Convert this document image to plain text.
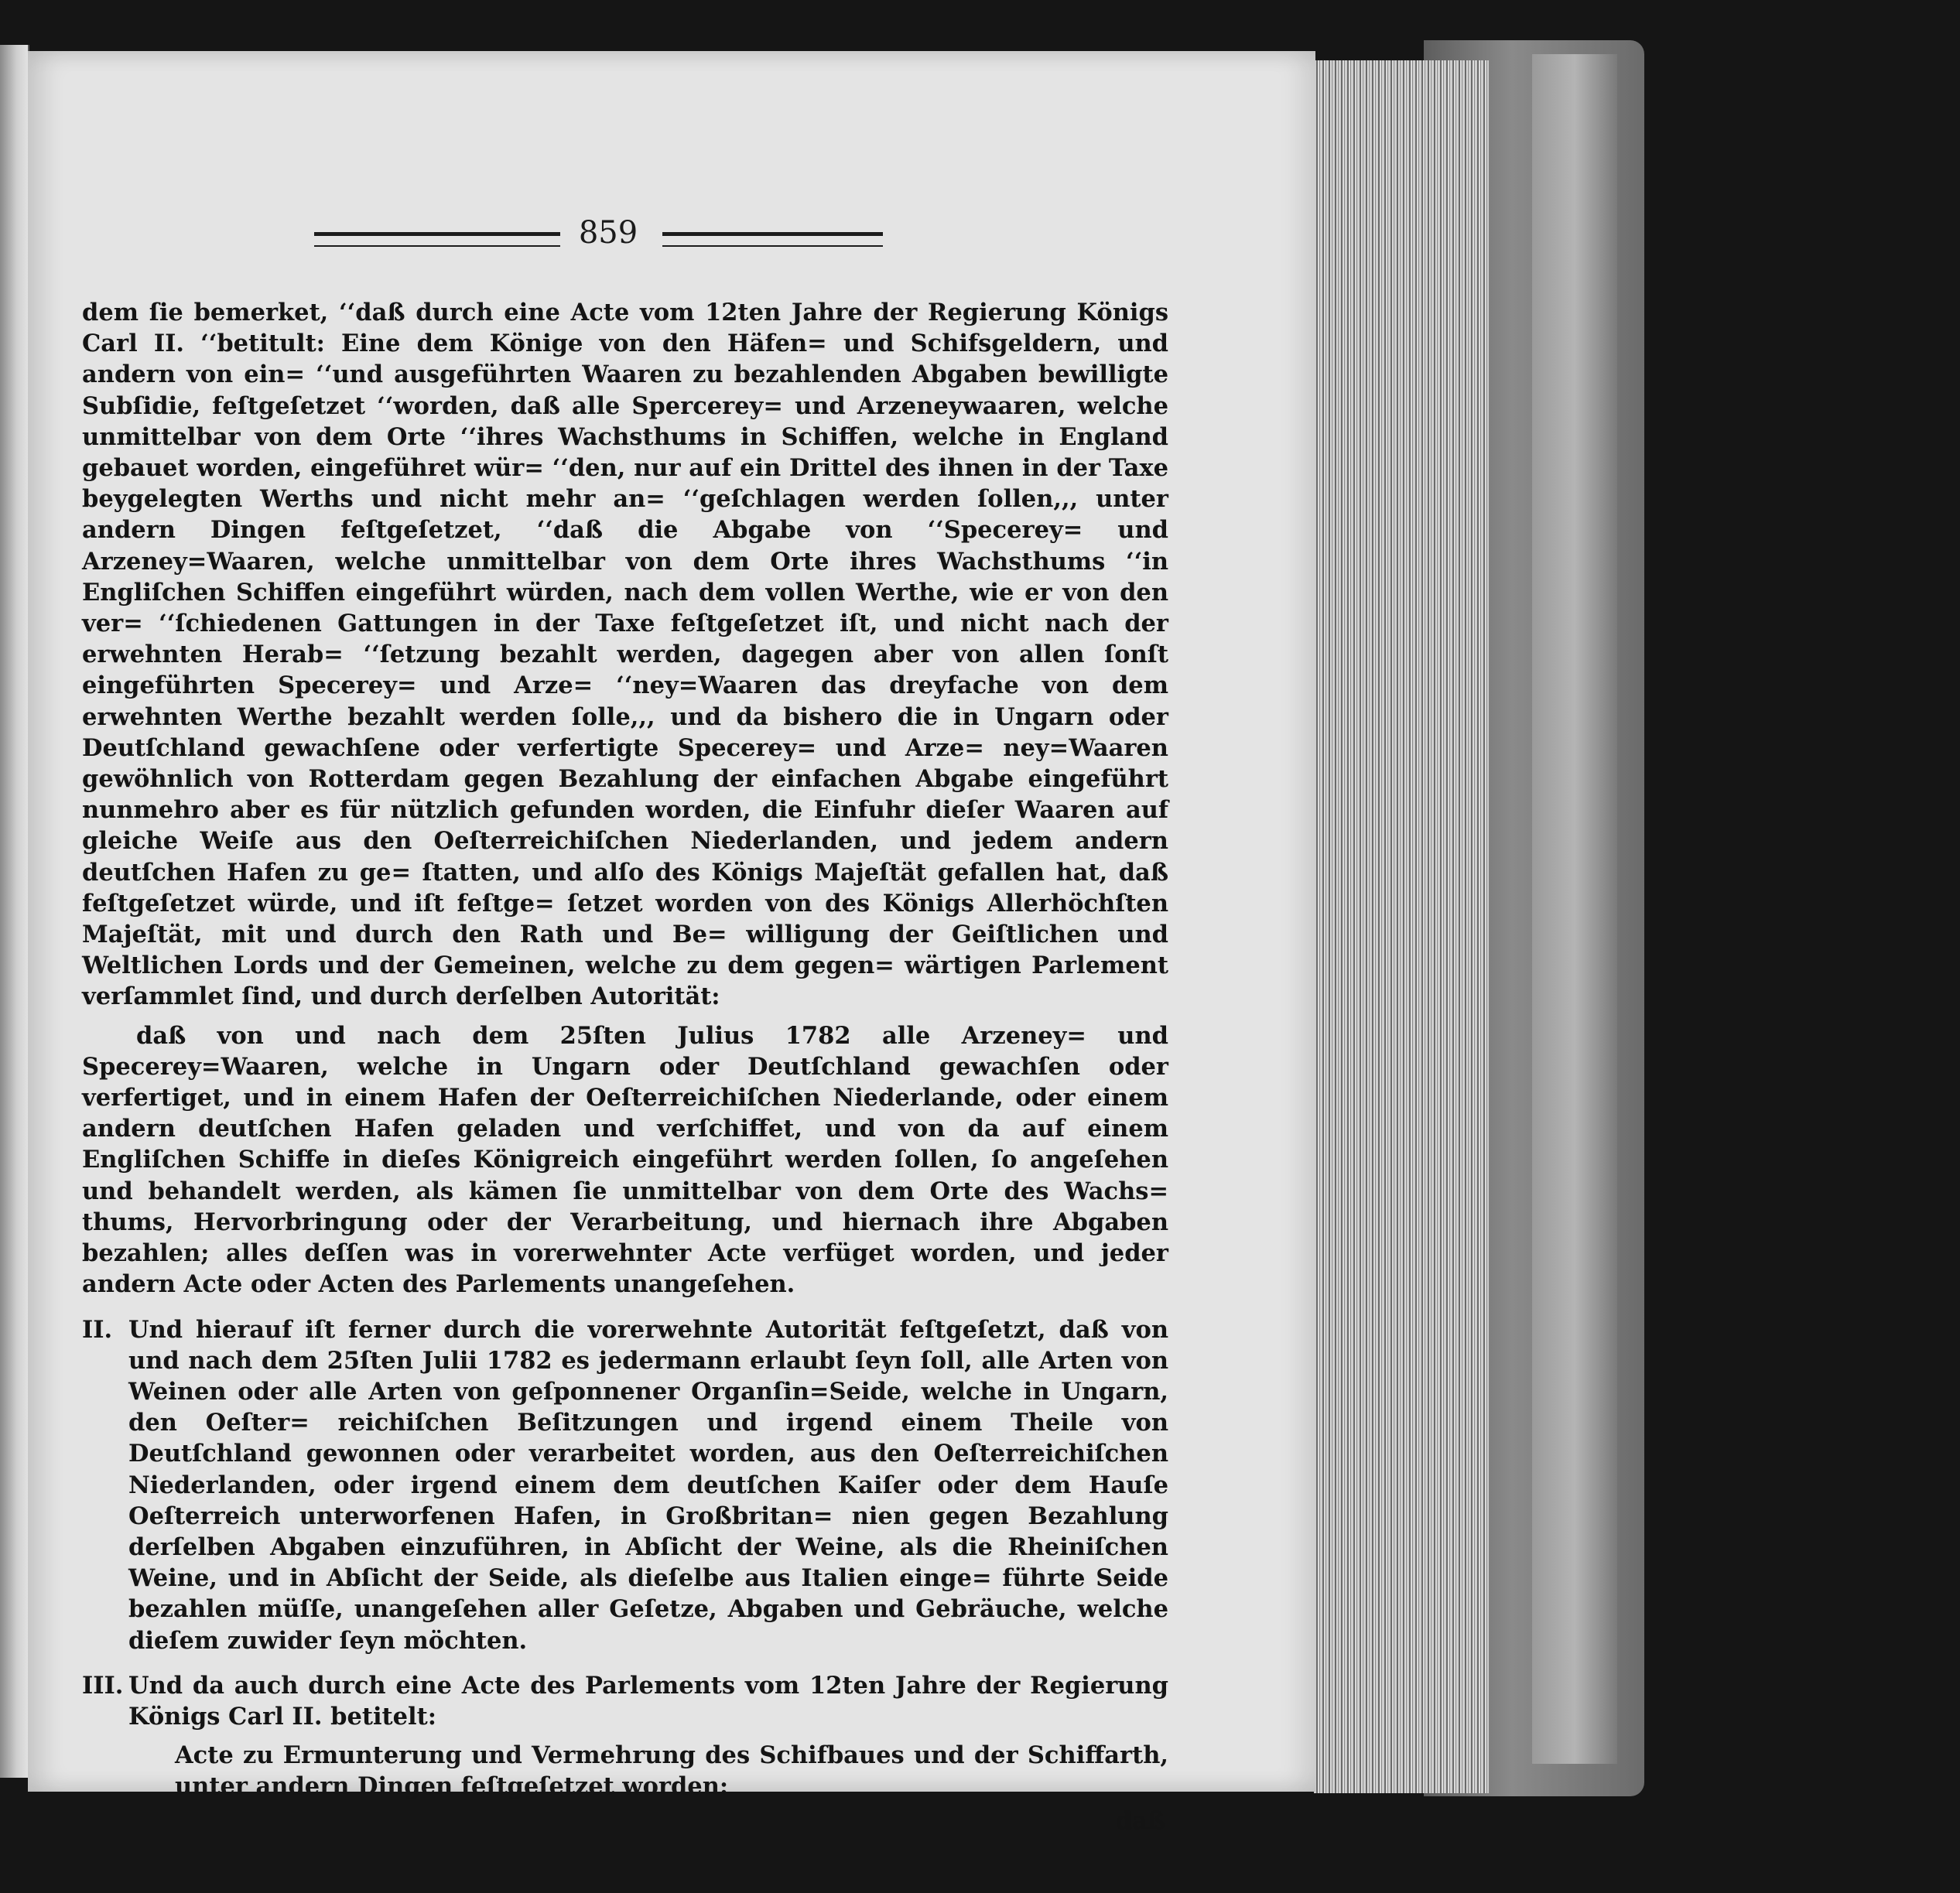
859

dem ſie bemerket, ‘‘daß durch eine Acte vom 12ten Jahre der Regierung Königs Carl II. ‘‘betitult: Eine dem Könige von den Häfen= und Schifsgeldern, und andern von ein= ‘‘und ausgeführten Waaren zu bezahlenden Abgaben bewilligte Subſidie, feſtgeſetzet ‘‘worden, daß alle Spercerey= und Arzeneywaaren, welche unmittelbar von dem Orte ‘‘ihres Wachsthums in Schiffen, welche in England gebauet worden, eingeführet wür= ‘‘den, nur auf ein Drittel des ihnen in der Taxe beygelegten Werths und nicht mehr an= ‘‘geſchlagen werden ſollen,,, unter andern Dingen feſtgeſetzet, ‘‘daß die Abgabe von ‘‘Specerey= und Arzeney=Waaren, welche unmittelbar von dem Orte ihres Wachsthums ‘‘in Engliſchen Schiffen eingeführt würden, nach dem vollen Werthe, wie er von den ver= ‘‘ſchiedenen Gattungen in der Taxe feſtgeſetzet iſt, und nicht nach der erwehnten Herab= ‘‘ſetzung bezahlt werden, dagegen aber von allen ſonſt eingeführten Specerey= und Arze= ‘‘ney=Waaren das dreyfache von dem erwehnten Werthe bezahlt werden ſolle,,, und da bishero die in Ungarn oder Deutſchland gewachſene oder verfertigte Specerey= und Arze= ney=Waaren gewöhnlich von Rotterdam gegen Bezahlung der einfachen Abgabe eingeführt nunmehro aber es für nützlich gefunden worden, die Einfuhr dieſer Waaren auf gleiche Weiſe aus den Oeſterreichiſchen Niederlanden, und jedem andern deutſchen Hafen zu ge= ſtatten, und alſo des Königs Majeſtät gefallen hat, daß feſtgeſetzet würde, und iſt feſtge= ſetzet worden von des Königs Allerhöchſten Majeſtät, mit und durch den Rath und Be= willigung der Geiſtlichen und Weltlichen Lords und der Gemeinen, welche zu dem gegen= wärtigen Parlement verſammlet ſind, und durch derſelben Autorität:

daß von und nach dem 25ſten Julius 1782 alle Arzeney= und Specerey=Waaren, welche in Ungarn oder Deutſchland gewachſen oder verfertiget, und in einem Hafen der Oeſterreichiſchen Niederlande, oder einem andern deutſchen Hafen geladen und verſchiffet, und von da auf einem Engliſchen Schiffe in dieſes Königreich eingeführt werden ſollen, ſo angeſehen und behandelt werden, als kämen ſie unmittelbar von dem Orte des Wachs= thums, Hervorbringung oder der Verarbeitung, und hiernach ihre Abgaben bezahlen; alles deſſen was in vorerwehnter Acte verfüget worden, und jeder andern Acte oder Acten des Parlements unangeſehen.

II. Und hierauf iſt ferner durch die vorerwehnte Autorität feſtgeſetzt, daß von und nach dem 25ſten Julii 1782 es jedermann erlaubt ſeyn ſoll, alle Arten von Weinen oder alle Arten von geſponnener Organſin=Seide, welche in Ungarn, den Oeſter= reichiſchen Beſitzungen und irgend einem Theile von Deutſchland gewonnen oder verarbeitet worden, aus den Oeſterreichiſchen Niederlanden, oder irgend einem dem deutſchen Kaiſer oder dem Hauſe Oeſterreich unterworfenen Hafen, in Großbritan= nien gegen Bezahlung derſelben Abgaben einzuführen, in Abſicht der Weine, als die Rheiniſchen Weine, und in Abſicht der Seide, als dieſelbe aus Italien einge= führte Seide bezahlen müſſe, unangeſehen aller Geſetze, Abgaben und Gebräuche, welche dieſem zuwider ſeyn möchten.
III. Und da auch durch eine Acte des Parlements vom 12ten Jahre der Regierung Königs Carl II. betitelt:

Acte zu Ermunterung und Vermehrung des Schifbaues und der Schiffarth, unter andern Dingen feſtgeſetzet worden:

daß
